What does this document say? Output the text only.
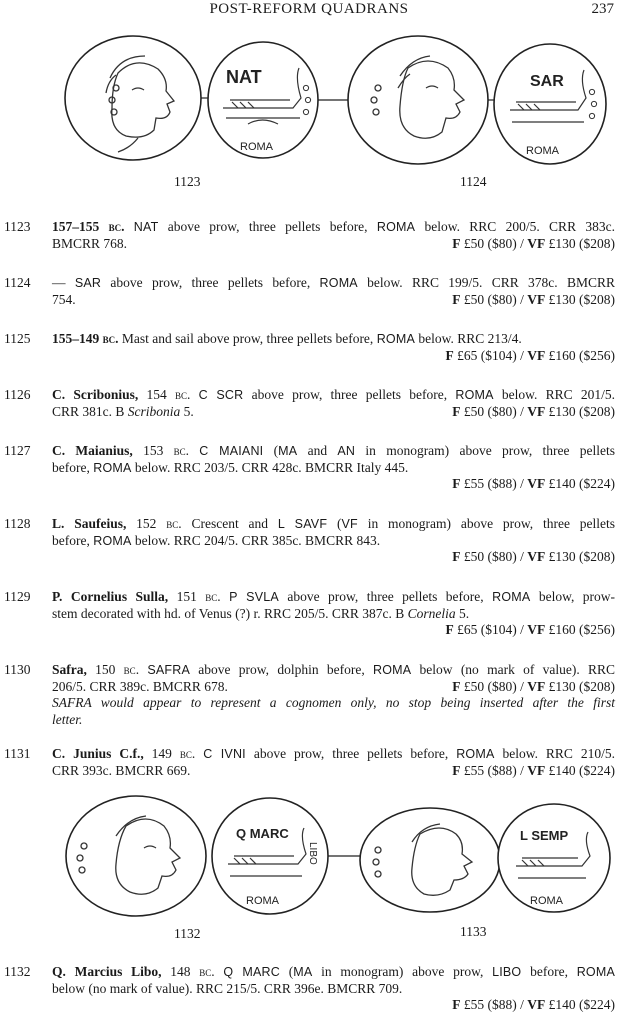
POST-REFORM QUADRANS	237
NAT
ROMA
SAR
ROMA
1123	1124
1123 157–155 bc. NAT above prow, three pellets before, ROMA below. RRC 200/5. CRR 383c.
BMCRR 768.	F £50 ($80) / VF £130 ($208)
1124 — SAR above prow, three pellets before, ROMA below. RRC 199/5. CRR 378c. BMCRR
754.	F £50 ($80) / VF £130 ($208)
1125 155–149 bc. Mast and sail above prow, three pellets before, ROMA below. RRC 213/4.
F £65 ($104) / VF £160 ($256)
1126 C. Scribonius, 154 bc. C SCR above prow, three pellets before, ROMA below. RRC 201/5.
CRR 381c. B Scribonia 5.	F £50 ($80) / VF £130 ($208)
1127 C. Maianius, 153 bc. C MAIANI (MA and AN in monogram) above prow, three pellets
before, ROMA below. RRC 203/5. CRR 428c. BMCRR Italy 445.
F £55 ($88) / VF £140 ($224)
1128 L. Saufeius, 152 bc. Crescent and L SAVF (VF in monogram) above prow, three pellets
before, ROMA below. RRC 204/5. CRR 385c. BMCRR 843.
F £50 ($80) / VF £130 ($208)
1129 P. Cornelius Sulla, 151 bc. P SVLA above prow, three pellets before, ROMA below, prow-
stem decorated with hd. of Venus (?) r. RRC 205/5. CRR 387c. B Cornelia 5.
F £65 ($104) / VF £160 ($256)
1130 Safra, 150 bc. SAFRA above prow, dolphin before, ROMA below (no mark of value). RRC
206/5. CRR 389c. BMCRR 678.	F £50 ($80) / VF £130 ($208)
SAFRA would appear to represent a cognomen only, no stop being inserted after the first
letter.
1131 C. Junius C.f., 149 bc. C IVNI above prow, three pellets before, ROMA below. RRC 210/5.
CRR 393c. BMCRR 669.	F £55 ($88) / VF £140 ($224)
Q MARC
LIBO
ROMA
L SEMP
ROMA
1132	1133
1132 Q. Marcius Libo, 148 bc. Q MARC (MA in monogram) above prow, LIBO before, ROMA
below (no mark of value). RRC 215/5. CRR 396e. BMCRR 709.
F £55 ($88) / VF £140 ($224)
